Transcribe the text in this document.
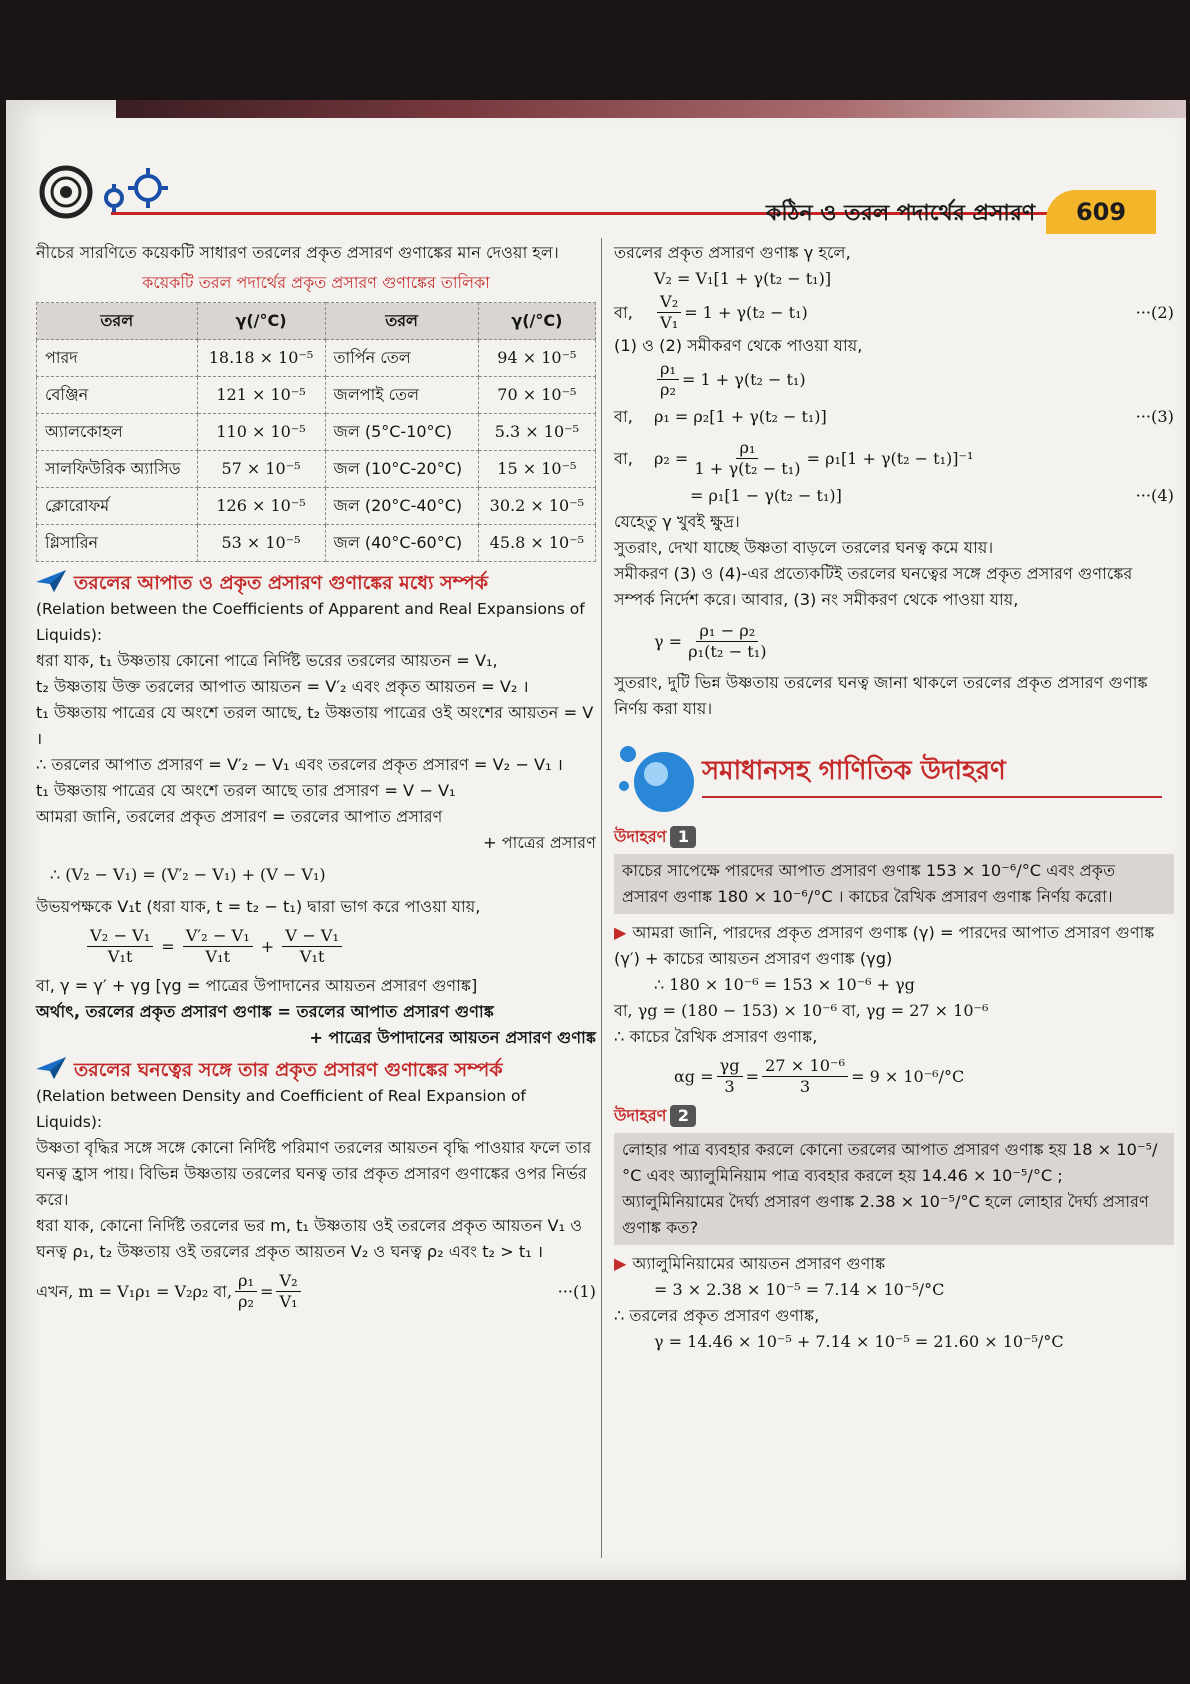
কঠিন ও তরল পদার্থের প্রসারণ	609

নীচের সারণিতে কয়েকটি সাধারণ তরলের প্রকৃত প্রসারণ গুণাঙ্কের মান দেওয়া হল।

কয়েকটি তরল পদার্থের প্রকৃত প্রসারণ গুণাঙ্কের তালিকা
তরল	γ(/°C)	তরল	γ(/°C)
পারদ	18.18 × 10⁻⁵	তার্পিন তেল	94 × 10⁻⁵
বেঞ্জিন	121 × 10⁻⁵	জলপাই তেল	70 × 10⁻⁵
অ্যালকোহল	110 × 10⁻⁵	জল (5°C-10°C)	5.3 × 10⁻⁵
সালফিউরিক অ্যাসিড	57 × 10⁻⁵	জল (10°C-20°C)	15 × 10⁻⁵
ক্লোরোফর্ম	126 × 10⁻⁵	জল (20°C-40°C)	30.2 × 10⁻⁵
গ্লিসারিন	53 × 10⁻⁵	জল (40°C-60°C)	45.8 × 10⁻⁵
তরলের আপাত ও প্রকৃত প্রসারণ গুণাঙ্কের মধ্যে সম্পর্ক

(Relation between the Coefficients of Apparent and Real Expansions of Liquids):

ধরা যাক, t₁ উষ্ণতায় কোনো পাত্রে নির্দিষ্ট ভরের তরলের আয়তন = V₁,

t₂ উষ্ণতায় উক্ত তরলের আপাত আয়তন = V′₂ এবং প্রকৃত আয়তন = V₂ ।

t₁ উষ্ণতায় পাত্রের যে অংশে তরল আছে, t₂ উষ্ণতায় পাত্রের ওই অংশের আয়তন = V ।

∴ তরলের আপাত প্রসারণ = V′₂ − V₁ এবং তরলের প্রকৃত প্রসারণ = V₂ − V₁ ।

t₁ উষ্ণতায় পাত্রের যে অংশে তরল আছে তার প্রসারণ = V − V₁

আমরা জানি, তরলের প্রকৃত প্রসারণ = তরলের আপাত প্রসারণ

+ পাত্রের প্রসারণ

∴ (V₂ − V₁) = (V′₂ − V₁) + (V − V₁)

উভয়পক্ষকে V₁t (ধরা যাক, t = t₂ − t₁) দ্বারা ভাগ করে পাওয়া যায়,

$\frac{\text{V₂ − V₁}}{\text{V₁t}} = \frac{\text{V′₂ − V₁}}{\text{V₁t}} + \frac{\text{V − V₁}}{\text{V₁t}}$

বা, γ = γ′ + γg [γg = পাত্রের উপাদানের আয়তন প্রসারণ গুণাঙ্ক]

অর্থাৎ, তরলের প্রকৃত প্রসারণ গুণাঙ্ক = তরলের আপাত প্রসারণ গুণাঙ্ক

+ পাত্রের উপাদানের আয়তন প্রসারণ গুণাঙ্ক

তরলের ঘনত্বের সঙ্গে তার প্রকৃত প্রসারণ গুণাঙ্কের সম্পর্ক

(Relation between Density and Coefficient of Real Expansion of Liquids):

উষ্ণতা বৃদ্ধির সঙ্গে সঙ্গে কোনো নির্দিষ্ট পরিমাণ তরলের আয়তন বৃদ্ধি পাওয়ার ফলে তার ঘনত্ব হ্রাস পায়। বিভিন্ন উষ্ণতায় তরলের ঘনত্ব তার প্রকৃত প্রসারণ গুণাঙ্কের ওপর নির্ভর করে।

ধরা যাক, কোনো নির্দিষ্ট তরলের ভর m, t₁ উষ্ণতায় ওই তরলের প্রকৃত আয়তন V₁ ও ঘনত্ব ρ₁, t₂ উষ্ণতায় ওই তরলের প্রকৃত আয়তন V₂ ও ঘনত্ব ρ₂ এবং t₂ > t₁ ।

এখন, m = V₁ρ₁ = V₂ρ₂ বা, $\frac{\text{ρ₁}}{\text{ρ₂}} = \frac{\text{V₂}}{\text{V₁}}$	···(1)

তরলের প্রকৃত প্রসারণ গুণাঙ্ক γ হলে,

V₂ = V₁[1 + γ(t₂ − t₁)]

বা,	$\frac{\text{V₂}}{\text{V₁}} = 1 + \gamma(t_2 - t_1)$	···(2)

(1) ও (2) সমীকরণ থেকে পাওয়া যায়,

$\frac{\text{ρ₁}}{\text{ρ₂}} = 1 + \gamma(t_2 - t_1)$
বা,	ρ₁ = ρ₂[1 + γ(t₂ − t₁)]	···(3)
বা,	$\rho_2 = \frac{\text{ρ₁}}{\text{1 + γ(t₂ − t₁)}} = \rho_1[1 + \gamma(t_2 - t_1)]^{-1}$
= ρ₁[1 − γ(t₂ − t₁)]	···(4)

যেহেতু γ খুবই ক্ষুদ্র।

সুতরাং, দেখা যাচ্ছে উষ্ণতা বাড়লে তরলের ঘনত্ব কমে যায়।

সমীকরণ (3) ও (4)-এর প্রত্যেকটিই তরলের ঘনত্বের সঙ্গে প্রকৃত প্রসারণ গুণাঙ্কের সম্পর্ক নির্দেশ করে। আবার, (3) নং সমীকরণ থেকে পাওয়া যায়,

$\gamma = \frac{\text{ρ₁ − ρ₂}}{\text{ρ₁(t₂ − t₁)}}$

সুতরাং, দুটি ভিন্ন উষ্ণতায় তরলের ঘনত্ব জানা থাকলে তরলের প্রকৃত প্রসারণ গুণাঙ্ক নির্ণয় করা যায়।

সমাধানসহ গাণিতিক উদাহরণ
উদাহরণ 1
কাচের সাপেক্ষে পারদের আপাত প্রসারণ গুণাঙ্ক 153 × 10⁻⁶/°C এবং প্রকৃত প্রসারণ গুণাঙ্ক 180 × 10⁻⁶/°C । কাচের রৈখিক প্রসারণ গুণাঙ্ক নির্ণয় করো।

▶ আমরা জানি, পারদের প্রকৃত প্রসারণ গুণাঙ্ক (γ) = পারদের আপাত প্রসারণ গুণাঙ্ক (γ′) + কাচের আয়তন প্রসারণ গুণাঙ্ক (γg)

∴ 180 × 10⁻⁶ = 153 × 10⁻⁶ + γg

বা, γg = (180 − 153) × 10⁻⁶ বা, γg = 27 × 10⁻⁶

∴ কাচের রৈখিক প্রসারণ গুণাঙ্ক,

$\alpha g = \frac{\gamma g}{3} = \frac{\text{27 × 10⁻⁶}}{3} = 9 \times 10^{-6}/^\circ C$
উদাহরণ 2
লোহার পাত্র ব্যবহার করলে কোনো তরলের আপাত প্রসারণ গুণাঙ্ক হয় 18 × 10⁻⁵/°C এবং অ্যালুমিনিয়াম পাত্র ব্যবহার করলে হয় 14.46 × 10⁻⁵/°C ; অ্যালুমিনিয়ামের দৈর্ঘ্য প্রসারণ গুণাঙ্ক 2.38 × 10⁻⁵/°C হলে লোহার দৈর্ঘ্য প্রসারণ গুণাঙ্ক কত?

▶ অ্যালুমিনিয়ামের আয়তন প্রসারণ গুণাঙ্ক

= 3 × 2.38 × 10⁻⁵ = 7.14 × 10⁻⁵/°C

∴ তরলের প্রকৃত প্রসারণ গুণাঙ্ক,

γ = 14.46 × 10⁻⁵ + 7.14 × 10⁻⁵ = 21.60 × 10⁻⁵/°C
